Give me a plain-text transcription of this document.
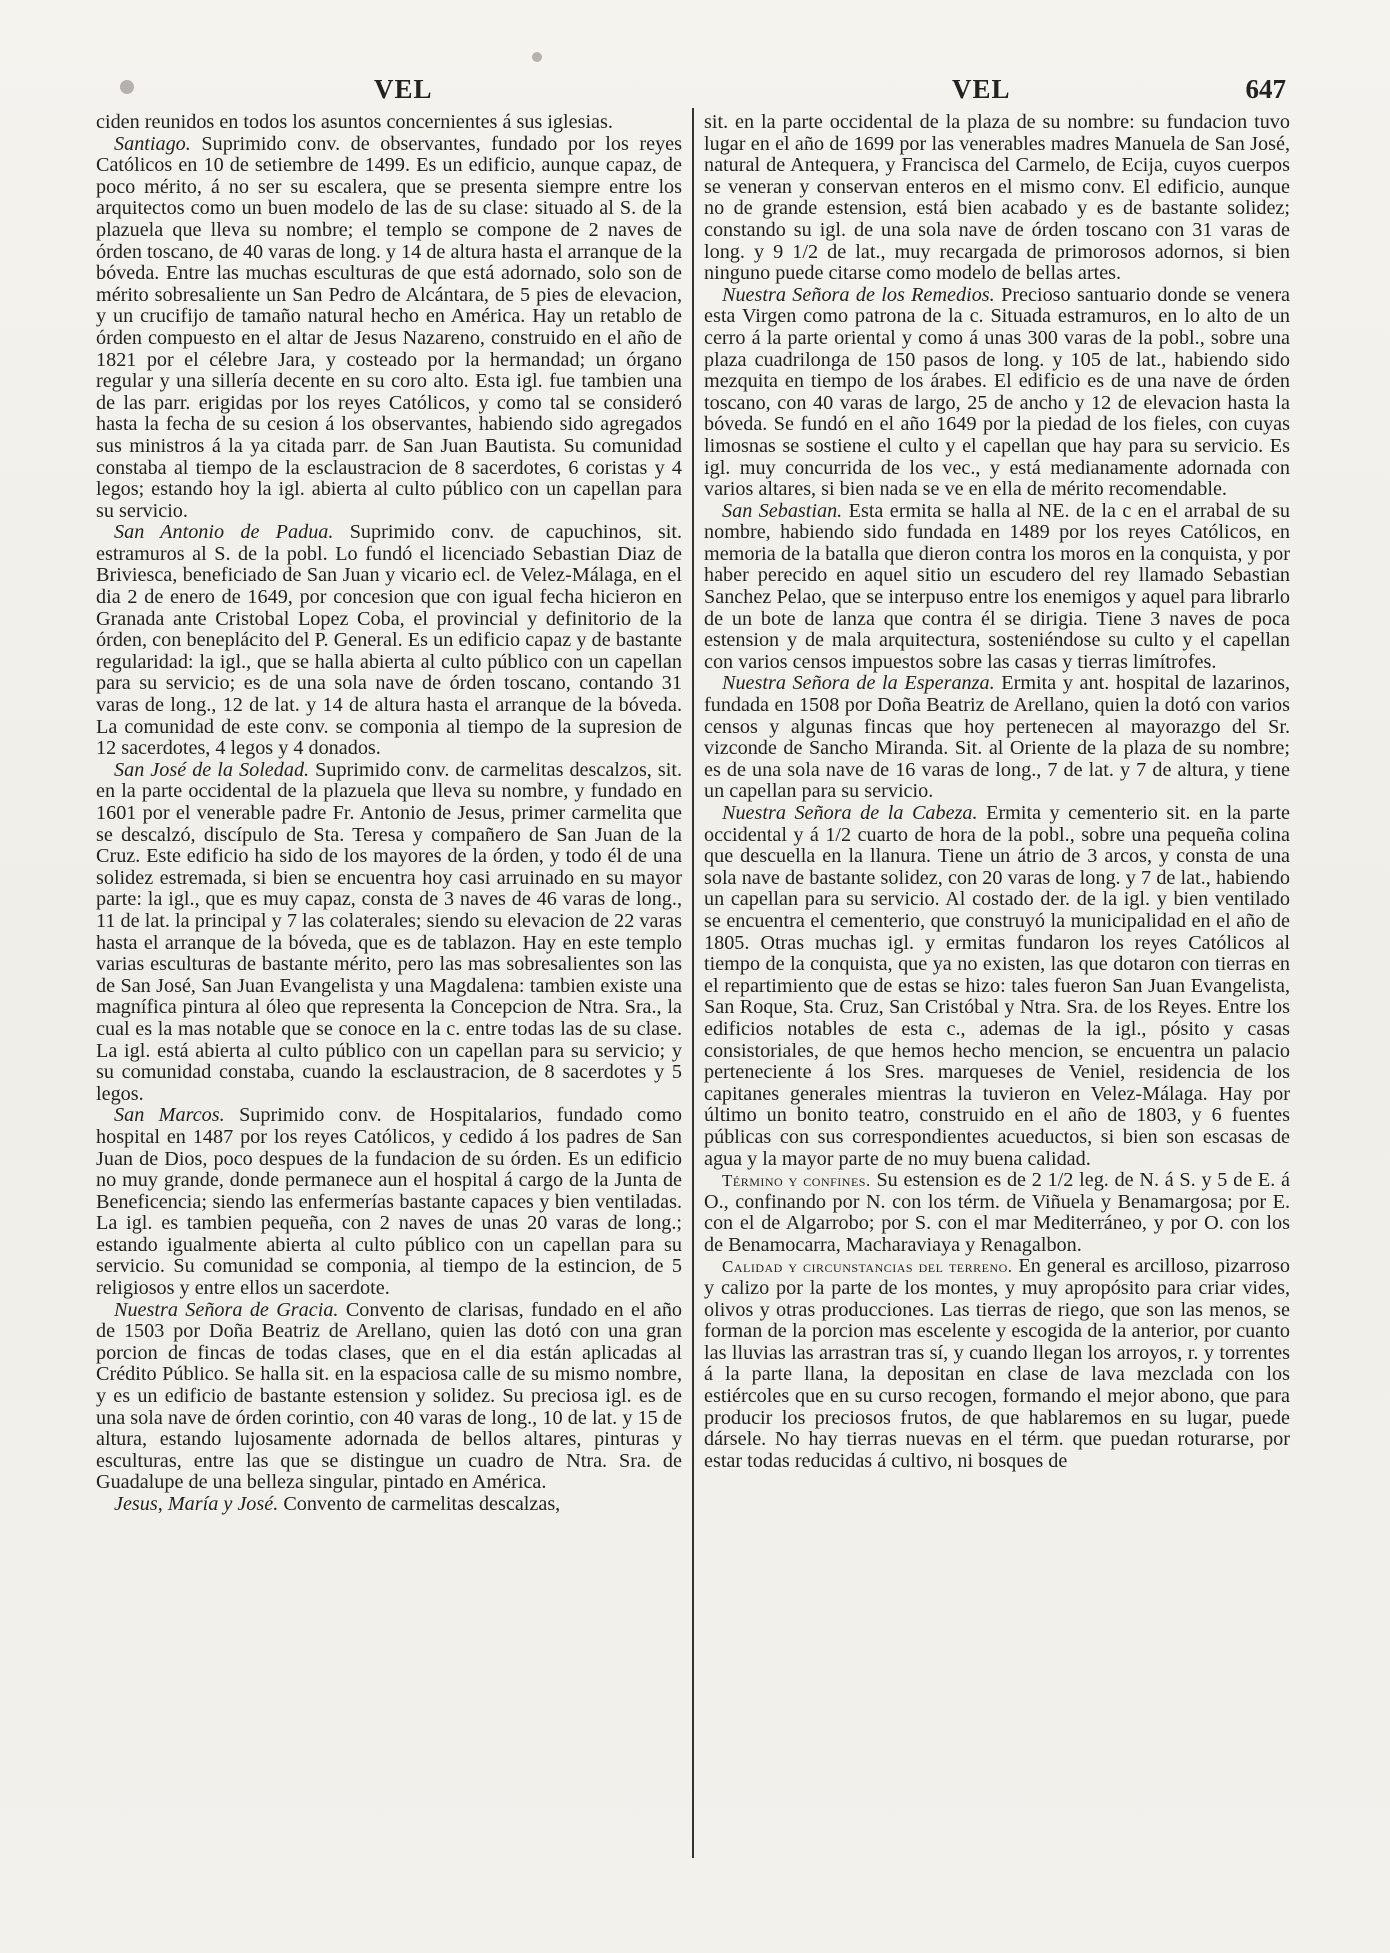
VEL	VEL	647

ciden reunidos en todos los asuntos concernientes á sus iglesias.

Santiago. Suprimido conv. de observantes, fundado por los reyes Católicos en 10 de setiembre de 1499. Es un edificio, aunque capaz, de poco mérito, á no ser su escalera, que se presenta siempre entre los arquitectos como un buen modelo de las de su clase: situado al S. de la plazuela que lleva su nombre; el templo se compone de 2 naves de órden toscano, de 40 varas de long. y 14 de altura hasta el arranque de la bóveda. Entre las muchas esculturas de que está adornado, solo son de mérito sobresaliente un San Pedro de Alcántara, de 5 pies de elevacion, y un crucifijo de tamaño natural hecho en América. Hay un retablo de órden compuesto en el altar de Jesus Nazareno, construido en el año de 1821 por el célebre Jara, y costeado por la hermandad; un órgano regular y una sillería decente en su coro alto. Esta igl. fue tambien una de las parr. erigidas por los reyes Católicos, y como tal se consideró hasta la fecha de su cesion á los observantes, habiendo sido agregados sus ministros á la ya citada parr. de San Juan Bautista. Su comunidad constaba al tiempo de la esclaustracion de 8 sacerdotes, 6 coristas y 4 legos; estando hoy la igl. abierta al culto público con un capellan para su servicio.

San Antonio de Padua. Suprimido conv. de capuchinos, sit. estramuros al S. de la pobl. Lo fundó el licenciado Sebastian Diaz de Briviesca, beneficiado de San Juan y vicario ecl. de Velez-Málaga, en el dia 2 de enero de 1649, por concesion que con igual fecha hicieron en Granada ante Cristobal Lopez Coba, el provincial y definitorio de la órden, con beneplácito del P. General. Es un edificio capaz y de bastante regularidad: la igl., que se halla abierta al culto público con un capellan para su servicio; es de una sola nave de órden toscano, contando 31 varas de long., 12 de lat. y 14 de altura hasta el arranque de la bóveda. La comunidad de este conv. se componia al tiempo de la supresion de 12 sacerdotes, 4 legos y 4 donados.

San José de la Soledad. Suprimido conv. de carmelitas descalzos, sit. en la parte occidental de la plazuela que lleva su nombre, y fundado en 1601 por el venerable padre Fr. Antonio de Jesus, primer carmelita que se descalzó, discípulo de Sta. Teresa y compañero de San Juan de la Cruz. Este edificio ha sido de los mayores de la órden, y todo él de una solidez estremada, si bien se encuentra hoy casi arruinado en su mayor parte: la igl., que es muy capaz, consta de 3 naves de 46 varas de long., 11 de lat. la principal y 7 las colaterales; siendo su elevacion de 22 varas hasta el arranque de la bóveda, que es de tablazon. Hay en este templo varias esculturas de bastante mérito, pero las mas sobresalientes son las de San José, San Juan Evangelista y una Magdalena: tambien existe una magnífica pintura al óleo que representa la Concepcion de Ntra. Sra., la cual es la mas notable que se conoce en la c. entre todas las de su clase. La igl. está abierta al culto público con un capellan para su servicio; y su comunidad constaba, cuando la esclaustracion, de 8 sacerdotes y 5 legos.

San Marcos. Suprimido conv. de Hospitalarios, fundado como hospital en 1487 por los reyes Católicos, y cedido á los padres de San Juan de Dios, poco despues de la fundacion de su órden. Es un edificio no muy grande, donde permanece aun el hospital á cargo de la Junta de Beneficencia; siendo las enfermerías bastante capaces y bien ventiladas. La igl. es tambien pequeña, con 2 naves de unas 20 varas de long.; estando igualmente abierta al culto público con un capellan para su servicio. Su comunidad se componia, al tiempo de la estincion, de 5 religiosos y entre ellos un sacerdote.

Nuestra Señora de Gracia. Convento de clarisas, fundado en el año de 1503 por Doña Beatriz de Arellano, quien las dotó con una gran porcion de fincas de todas clases, que en el dia están aplicadas al Crédito Público. Se halla sit. en la espaciosa calle de su mismo nombre, y es un edificio de bastante estension y solidez. Su preciosa igl. es de una sola nave de órden corintio, con 40 varas de long., 10 de lat. y 15 de altura, estando lujosamente adornada de bellos altares, pinturas y esculturas, entre las que se distingue un cuadro de Ntra. Sra. de Guadalupe de una belleza singular, pintado en América.

Jesus, María y José. Convento de carmelitas descalzas,

sit. en la parte occidental de la plaza de su nombre: su fundacion tuvo lugar en el año de 1699 por las venerables madres Manuela de San José, natural de Antequera, y Francisca del Carmelo, de Ecija, cuyos cuerpos se veneran y conservan enteros en el mismo conv. El edificio, aunque no de grande estension, está bien acabado y es de bastante solidez; constando su igl. de una sola nave de órden toscano con 31 varas de long. y 9 1/2 de lat., muy recargada de primorosos adornos, si bien ninguno puede citarse como modelo de bellas artes.

Nuestra Señora de los Remedios. Precioso santuario donde se venera esta Virgen como patrona de la c. Situada estramuros, en lo alto de un cerro á la parte oriental y como á unas 300 varas de la pobl., sobre una plaza cuadrilonga de 150 pasos de long. y 105 de lat., habiendo sido mezquita en tiempo de los árabes. El edificio es de una nave de órden toscano, con 40 varas de largo, 25 de ancho y 12 de elevacion hasta la bóveda. Se fundó en el año 1649 por la piedad de los fieles, con cuyas limosnas se sostiene el culto y el capellan que hay para su servicio. Es igl. muy concurrida de los vec., y está medianamente adornada con varios altares, si bien nada se ve en ella de mérito recomendable.

San Sebastian. Esta ermita se halla al NE. de la c en el arrabal de su nombre, habiendo sido fundada en 1489 por los reyes Católicos, en memoria de la batalla que dieron contra los moros en la conquista, y por haber perecido en aquel sitio un escudero del rey llamado Sebastian Sanchez Pelao, que se interpuso entre los enemigos y aquel para librarlo de un bote de lanza que contra él se dirigia. Tiene 3 naves de poca estension y de mala arquitectura, sosteniéndose su culto y el capellan con varios censos impuestos sobre las casas y tierras limítrofes.

Nuestra Señora de la Esperanza. Ermita y ant. hospital de lazarinos, fundada en 1508 por Doña Beatriz de Arellano, quien la dotó con varios censos y algunas fincas que hoy pertenecen al mayorazgo del Sr. vizconde de Sancho Miranda. Sit. al Oriente de la plaza de su nombre; es de una sola nave de 16 varas de long., 7 de lat. y 7 de altura, y tiene un capellan para su servicio.

Nuestra Señora de la Cabeza. Ermita y cementerio sit. en la parte occidental y á 1/2 cuarto de hora de la pobl., sobre una pequeña colina que descuella en la llanura. Tiene un átrio de 3 arcos, y consta de una sola nave de bastante solidez, con 20 varas de long. y 7 de lat., habiendo un capellan para su servicio. Al costado der. de la igl. y bien ventilado se encuentra el cementerio, que construyó la municipalidad en el año de 1805. Otras muchas igl. y ermitas fundaron los reyes Católicos al tiempo de la conquista, que ya no existen, las que dotaron con tierras en el repartimiento que de estas se hizo: tales fueron San Juan Evangelista, San Roque, Sta. Cruz, San Cristóbal y Ntra. Sra. de los Reyes. Entre los edificios notables de esta c., ademas de la igl., pósito y casas consistoriales, de que hemos hecho mencion, se encuentra un palacio perteneciente á los Sres. marqueses de Veniel, residencia de los capitanes generales mientras la tuvieron en Velez-Málaga. Hay por último un bonito teatro, construido en el año de 1803, y 6 fuentes públicas con sus correspondientes acueductos, si bien son escasas de agua y la mayor parte de no muy buena calidad.

Término y confines. Su estension es de 2 1/2 leg. de N. á S. y 5 de E. á O., confinando por N. con los térm. de Viñuela y Benamargosa; por E. con el de Algarrobo; por S. con el mar Mediterráneo, y por O. con los de Benamocarra, Macharaviaya y Renagalbon.

Calidad y circunstancias del terreno. En general es arcilloso, pizarroso y calizo por la parte de los montes, y muy apropósito para criar vides, olivos y otras producciones. Las tierras de riego, que son las menos, se forman de la porcion mas escelente y escogida de la anterior, por cuanto las lluvias las arrastran tras sí, y cuando llegan los arroyos, r. y torrentes á la parte llana, la depositan en clase de lava mezclada con los estiércoles que en su curso recogen, formando el mejor abono, que para producir los preciosos frutos, de que hablaremos en su lugar, puede dársele. No hay tierras nuevas en el térm. que puedan roturarse, por estar todas reducidas á cultivo, ni bosques de
